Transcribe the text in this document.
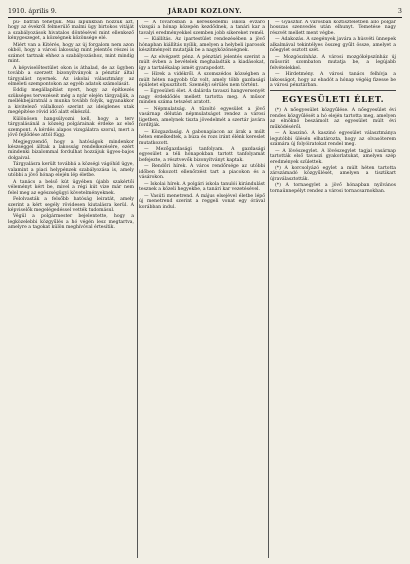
1910. április 9.	JÁRADI KOZLONY.	3

pü- bátrán tehetjük. Mai lapunkban hozzuk azt, hogy az évekről felmerülő malmi ügy birtokos vitáját a szabályozások hivatalos döntésével mint ellenkező kénygeszeget, a községnek közönsége elé.

Miért van a Kitérés, hogy az új forgalom nem azon okból, hogy a városi lakosság mint jelentős részei is számot tartnak ehhez a szabályozáshoz, mint mindig mint.

A képviselőtestület okon is áthalad, de az ügyben tovább a szerzett bizonyítványok a pénztár által tárgyalást nyernek. Az iskolai választmány az elméleti szempontokon az egyéb adatok számolását.

Eddig megállapítást nyert, hogy az építkezés szükséges tervezéseit még a nyár elején tárgyalják, a mellékbejáratnál a munka tovább folyik, ugyanakkor a kivitelező vállalkozó szerint az ideiglenes utak megépítése rövid idő alatt elkészül.

Különösen hangsúlyozni kell, hogy a terv tárgyalásánál a község polgárainak érdeke az első szempont. A kérdés alapos vizsgálatra szorul, mert a jövő fejlődése attól függ.

Megjegyzendő, hogy a hatóságok mindenkor készséggel álltak a lakosság rendelkezésére, ezért mindenki bizalommal fordulhat hozzájuk ügyes-bajos dolgaival.

Tárgyalásra került továbbá a községi vágóhíd ügye, valamint a piaci helypénzek szabályozása is, amely utóbbi a jövő hónap elején lép életbe.

A tanács a belső kút ügyében újabb szakértői véleményt kért be, mivel a régi kút vize már nem felel meg az egészségügyi követelményeknek.

Felolvasták a felsőbb hatóság leiratát, amely szerint a kért segély rövidesen kiutalásra kerül. A képviselők megelégedéssel vették tudomásul.

Végül a polgármester bejelentette, hogy a legközelebbi közgyűlés a hó végén lesz megtartva, amelyre a tagokat külön meghívóval értesítik.

— A fővárosban a kereskedelmi iskola évzáró vizsgái a hónap közepén kezdődnek, a tanári kar a tavalyi eredményekkel szemben jobb sikereket remél.

— Kiállítás. Az ipartestület rendezésében a jövő hónapban kiállítás nyílik, amelyen a helybeli iparosok készítményeit mutatják be a nagyközönségnek.

— Az elvégzett pénz. A pénztári jelentés szerint a múlt évben a bevételek meghaladták a kiadásokat, így a tartalékalap ismét gyarapodott.

— Hírek a vidékről. A szomszédos községben a múlt héten nagyobb tűz volt, amely több gazdasági épületet elpusztított. Személyi sérülés nem történt.

— Egyesületi élet. A dalárda tavaszi hangversenyét nagy érdeklődés mellett tartotta meg. A műsor minden száma tetszést aratott.

— Népmulatság. A tűzoltó egyesület a jövő vasárnap délután népmulatságot rendez a városi ligetben, amelynek tiszta jövedelmét a szertár javára fordítják.

— Közgazdaság. A gabonapiacon az árak a múlt héten emelkedtek, a búza és rozs iránt élénk kereslet mutatkozott.

— Mezőgazdasági tanfolyam. A gazdasági egyesület a téli hónapokban tartott tanfolyamát befejezte, a résztvevők bizonyítványt kaptak.

— Rendőri hírek. A város rendőrsége az utóbbi időben fokozott ellenőrzést tart a piacokon és a vásárokon.

— Iskolai hírek. A polgári iskola tanulói kirándulást tesznek a közeli hegyekbe, a tanári kar vezetésével.

— Vasúti menetrend. A május elsejével életbe lépő új menetrend szerint a reggeli vonat egy órával korábban indul.

— Gyászhír. A városban köztiszteletben álló polgár hosszas szenvedés után elhunyt. Temetése nagy részvét mellett ment végbe.

— Adakozás. A szegények javára a húsvéti ünnepek alkalmával tekintélyes összeg gyűlt össze, amelyet a nőegylet osztott szét.

— Mozgószínház. A városi mozgóképszínház új műsorát szombaton mutatja be, a legújabb felvételekkel.

— Hirdetmény. A városi tanács felhívja a lakosságot, hogy az ebadót a hónap végéig fizesse be a városi pénztárban.

EGYESÜLETI ÉLET.

(*) A nőegyesület közgyűlése. A nőegyesület évi rendes közgyűlését a hó elején tartotta meg, amelyen az elnöknő beszámolt az egyesület múlt évi működéséről.

— A kaszinó. A kaszinó egyesület választmánya legutóbbi ülésén elhatározta, hogy az olvasóterem számára új folyóiratokat rendel meg.

— A lövészegylet. A lövészegylet tagjai vasárnap tartották első tavaszi gyakorlatukat, amelyen szép eredmények születtek.

(*) A korcsolyázó egylet a múlt héten tartotta zárszámadó közgyűlését, amelyen a tisztikart újraválasztották.

(*) A tornaegylet a jövő hónapban nyilvános tornaünnepélyt rendez a városi tornacsarnokban.
